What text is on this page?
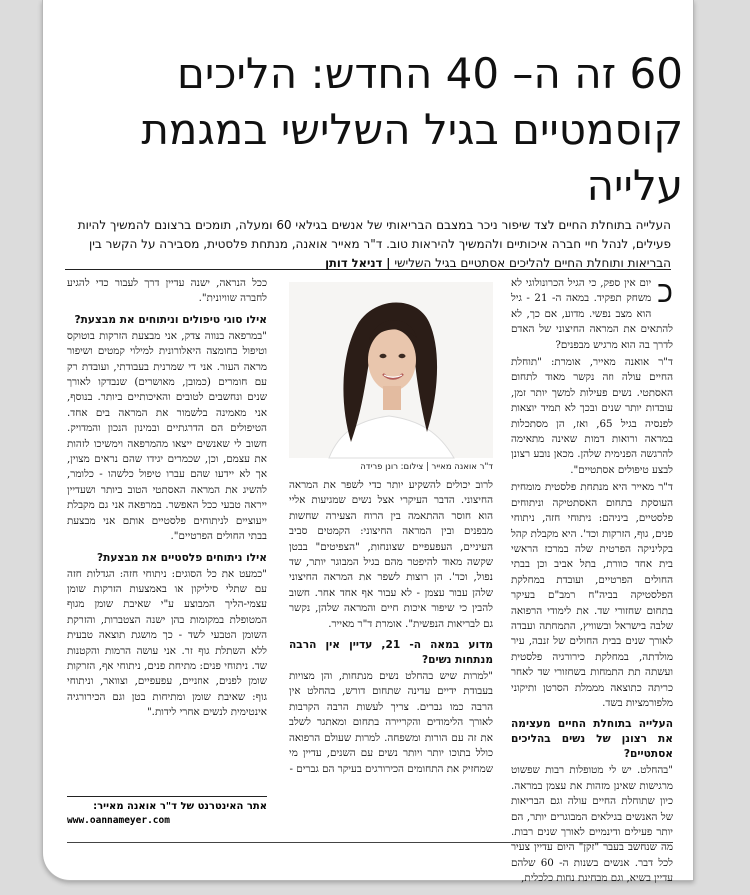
60 זה ה– 40 החדש: הליכים קוסמטיים בגיל השלישי במגמת עלייה

העלייה בתוחלת החיים לצד שיפור ניכר במצבם הבריאותי של אנשים בגילאי 60 ומעלה, תומכים ברצונם להמשיך להיות פעילים, לנהל חיי חברה איכותיים ולהמשיך להיראות טוב. ד"ר מאייר אואנה, מנתחת פלסטית, מסבירה על הקשר בין הבריאות ותוחלת החיים להליכים אסתטיים בגיל השלישי | דניאל דותן

כ

יום אין ספק, כי הגיל הכרונולוגי לא משחק תפקיד. במאה ה- 21 - גיל הוא מצב נפשי. מדוע, אם כך, לא להתאים את המראה החיצוני של האדם לדרך בה הוא מרגיש מבפנים?

ד"ר אואנה מאייר, אומרת: "תוחלת החיים עולה וזה נקשר מאוד לתחום האסתטי. נשים פעילות למשך יותר זמן, עובדות יותר שנים ובכך לא תמיד יוצאות לפנסיה בגיל 65, ואז, הן מסתכלות במראה ורואות דמות שאינה מתאימה להרגשה הפנימית שלהן. מכאן נובע רצונן לבצע טיפולים אסתטיים".

ד"ר מאייר היא מנתחת פלסטית מומחית העוסקת בתחום האסתטיקה וניתוחים פלסטיים, ביניהם: ניתוחי חזה, ניתוחי פנים, גוף, הזרקות וכד'. היא מקבלת קהל בקליניקה הפרטית שלה במרכז הראשי בית אחד כוורת, בתל אביב וכן בבתי החולים הפרטיים, ועובדת במחלקת הפלסטיקה בביה"ח רמב"ם בעיקר בתחום שחזורי שד. את לימודי הרפואה שלבה בישראל ובשוויץ, התמחתה ועבדה לאורך שנים בבית החולים של זנבה, עיר מולדתה, במחלקת כירורגיה פלסטית ועשתה תת התמחות בשחזורי שד לאחר כריתה כתוצאה מממלת הסרטן ותיקוני מלפורמציות בשד.

העלייה בתוחלת החיים מעצימה את רצונן של נשים בהליכים אסתטיים?

"בהחלט. יש לי מטופלות רבות שפשוט מרגישות שאינן מזהות את עצמן במראה. כיון שתוחלת החיים עולה וגם הבריאות של האנשים בגילאים המבוגרים יותר, הם יותר פעילים ודינמיים לאורך שנים רבות. מה שנחשב בעבר "זקן" היום עדיין צעיר לכל דבר. אנשים בשנות ה- 60 שלהם עדיין בשיא, וגם מבחינת נחות כלכלית,

ד"ר אואנה מאייר | צילום: רונן פרידה

לרוב יכולים להשקיע יותר כדי לשפר את המראה החיצוני. הדבר העיקרי אצל נשים שמגיעות אליי הוא חוסר ההתאמה בין הרוח הצעירה שחשות מבפנים ובין המראה החיצוני: הקמטים סביב העיניים, העפעפיים שצונחות, "הצפיטים" בבטן שקשה מאוד להיפטר מהם בגיל המבוגר יותר, שד נפול, וכד'. הן רוצות לשפר את המראה החיצוני שלהן עבור עצמן - לא עבור אף אחד אחר. חשוב להבין כי שיפור איכות חיים והמראה שלהן, נקשר גם לבריאות הנפשית". אומרת ד"ר מאייר.

מדוע במאה ה- 21, עדיין אין הרבה מנתחות נשים?

"למרות שיש בהחלט נשים מנתחות, והן מצויות בעבודת ידיים עדינה שתחום דורש, בהחלט אין הרבה כמו גברים. צריך לעשות הרבה הקרבות לאורך הלימודים והקריירה בתחום ומאתגר לשלב את זה עם הורות ומשפחה. למרות שעולם הרפואה כולל בתוכו יותר ויותר נשים עם השנים, עדיין מי שמחזיק את התחומים הכירורגים בעיקר הם גברים -

ככל הנראה, ישנה עדיין דרך לעבור כדי להגיע לחברה שוויונית".

אילו סוגי טיפולים וניתוחים את מבצעת?

"במרפאה בנווה צדק, אני מבצעת הזרקות בוטוקס וטיפול בחומצה היאלורונית למילוי קמטים ושיפור מראה העור. אני די שמרנית בעבודתי, ועובדת רק עם חומרים (כמובן, מאושרים) שנבדקו לאורך שנים ונחשבים לטובים והאיכותיים ביותר. בנוסף, אני מאמינה בלשמור את המראה בים אחד. הטיפולים הם הדרגתיים ובמינון הנכון והמדויק. חשוב לי שאנשים ייצאו מהמרפאה וימשיכו לזהות את עצמם, וכן, שכמרים יגידו שהם נראים מצוין, אך לא יידעו שהם עברו טיפול כלשהו - כלומר, להשיג את המראה האסתטי הטוב ביותר ושעדיין ייראה טבעי ככל האפשר. במרפאה אני גם מקבלת ייעוציים לניתוחים פלסטיים אותם אני מבצעת בבתי החולים הפרטיים".

אילו ניתוחים פלסטיים את מבצעת?

"כמעט את כל הסוגים: ניתוחי חזה: הגדלות חזה עם שתלי סיליקון או באמצעות הזרקות שומן עצמי-הליך המבוצע ע"י שאיבת שומן מגוף המטופלת במקומות בהן ישנה הצטברות, והזרקת השומן הטבעי לשד - כך מושגת תוצאה טבעית ללא השתלת גוף זר. אני עושה הרמות והקטנות שד. ניתוחי פנים: מתיחת פנים, ניתוחי אף, הזרקות שומן לפנים, אוזניים, עפעפיים, וצוואר, וניתוחי גוף: שאיבת שומן ומתיחות בטן וגם הכירורגיה אינטימית לנשים אחרי לידות."

אתר האינטרנט של ד"ר אואנה מאייר:
www.oannameyer.com
